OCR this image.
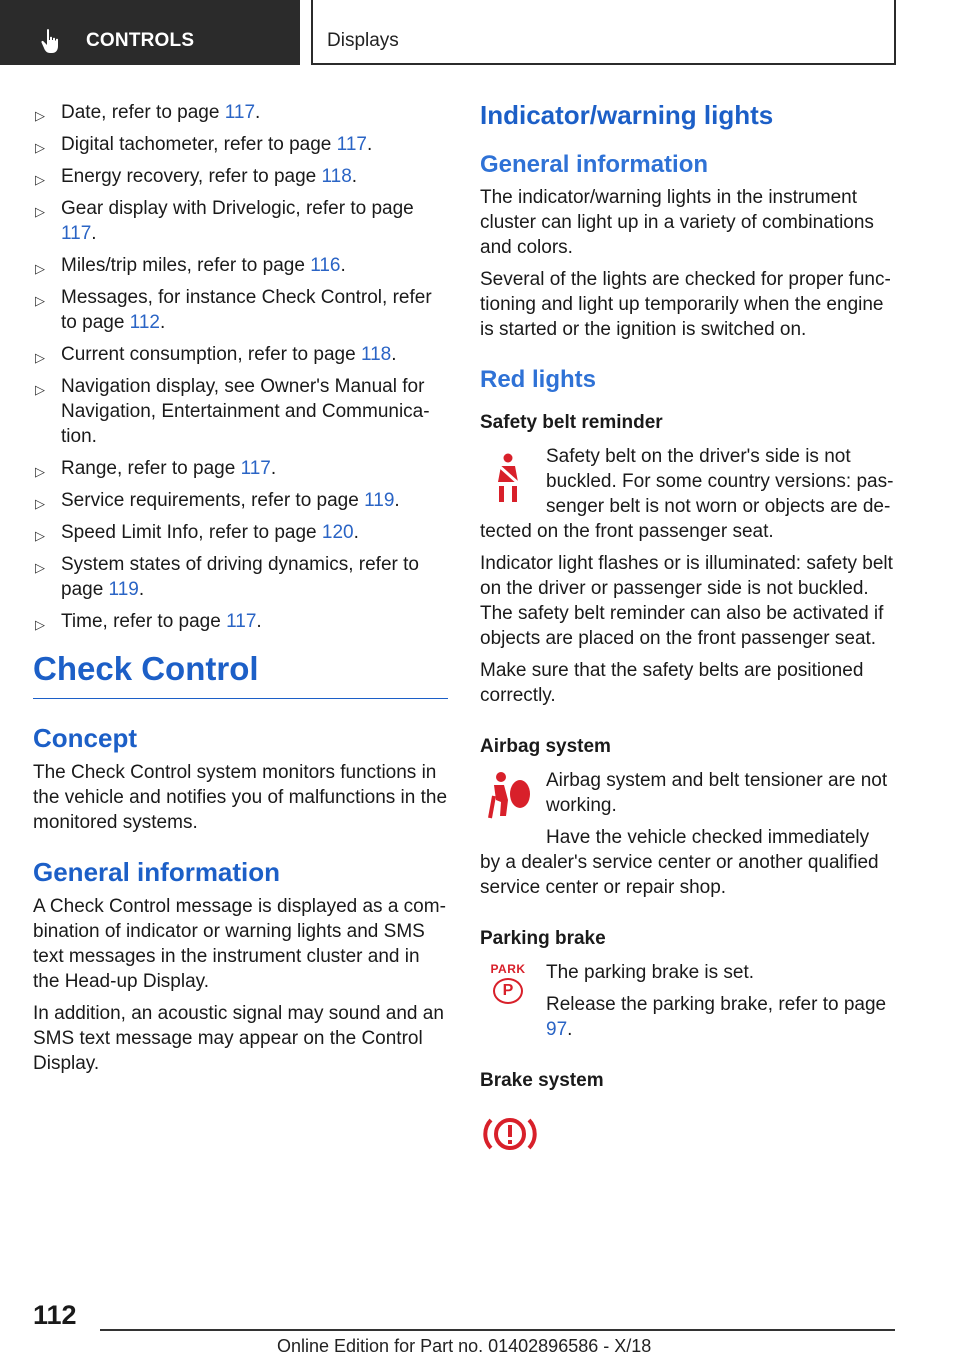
CONTROLS	Displays
▷ Date, refer to page 117.
▷ Digital tachometer, refer to page 117.
▷ Energy recovery, refer to page 118.
▷ Gear display with Drivelogic, refer to page 117.
▷ Miles/trip miles, refer to page 116.
▷ Messages, for instance Check Control, refer to page 112.
▷ Current consumption, refer to page 118.
▷ Navigation display, see Owner's Manual for Navigation, Entertainment and Communica-tion.
▷ Range, refer to page 117.
▷ Service requirements, refer to page 119.
▷ Speed Limit Info, refer to page 120.
▷ System states of driving dynamics, refer to page 119.
▷ Time, refer to page 117.
Check Control
Concept

The Check Control system monitors functions in the vehicle and notifies you of malfunctions in the monitored systems.

General information

A Check Control message is displayed as a com-bination of indicator or warning lights and SMS text messages in the instrument cluster and in the Head-up Display.

In addition, an acoustic signal may sound and an SMS text message may appear on the Control Display.

Indicator/warning lights
General information

The indicator/warning lights in the instrument cluster can light up in a variety of combinations and colors.

Several of the lights are checked for proper func-tioning and light up temporarily when the engine is started or the ignition is switched on.

Red lights
Safety belt reminder

Safety belt on the driver's side is not buckled. For some country versions: pas-senger belt is not worn or objects are de-

tected on the front passenger seat.

Indicator light flashes or is illuminated: safety belt on the driver or passenger side is not buckled. The safety belt reminder can also be activated if objects are placed on the front passenger seat.

Make sure that the safety belts are positioned correctly.

Airbag system

Airbag system and belt tensioner are not working.

Have the vehicle checked immediately

by a dealer's service center or another qualified service center or repair shop.

Parking brake
PARK
P

The parking brake is set.

Release the parking brake, refer to page 97.

Brake system
112
Online Edition for Part no. 01402896586 - X/18
